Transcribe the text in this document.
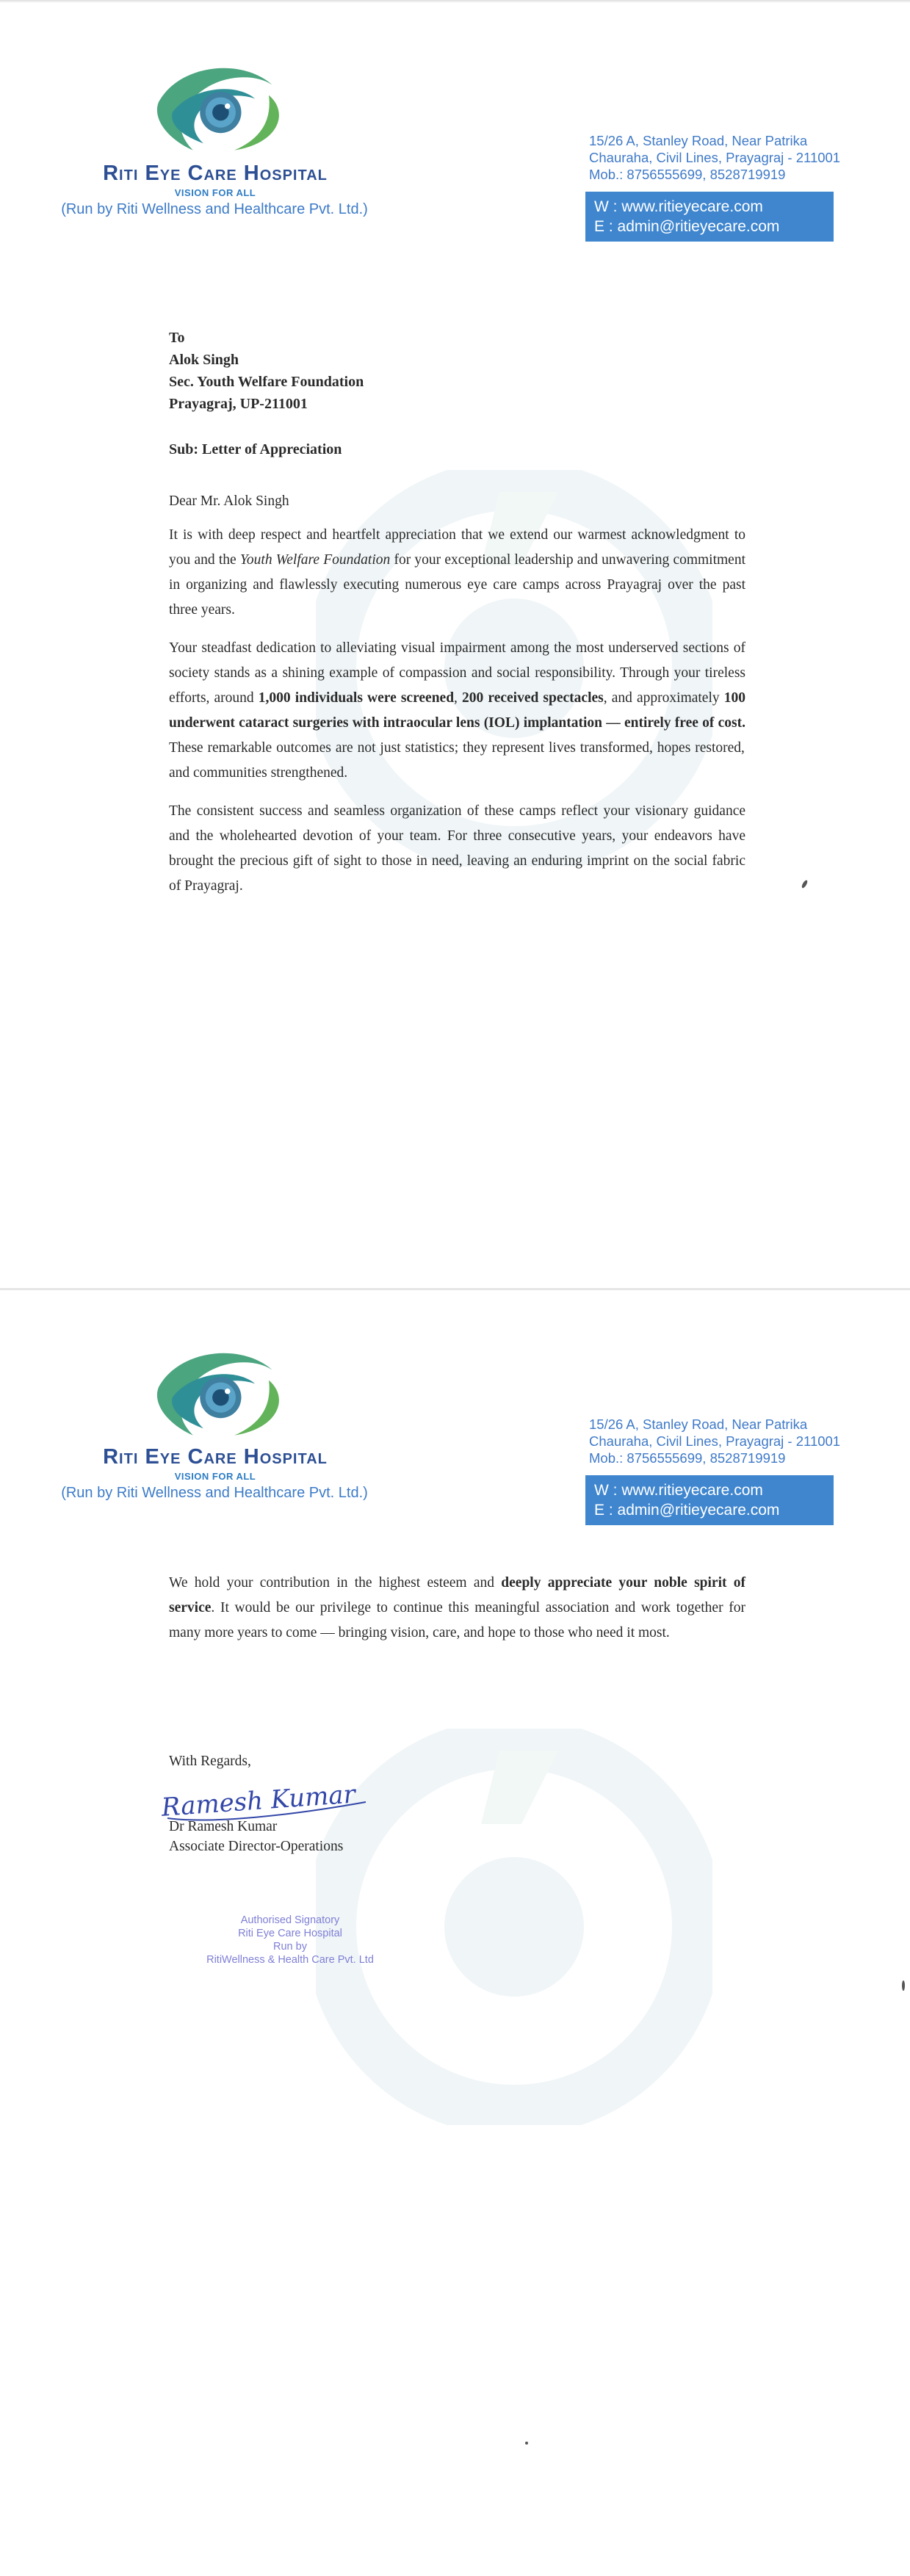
Riti Eye Care Hospital
VISION FOR ALL
(Run by Riti Wellness and Healthcare Pvt. Ltd.)
15/26 A, Stanley Road, Near Patrika
Chauraha, Civil Lines, Prayagraj - 211001
Mob.: 8756555699, 8528719919
W : www.ritieyecare.com
E : admin@ritieyecare.com
To
Alok Singh
Sec. Youth Welfare Foundation
Prayagraj, UP-211001
Sub: Letter of Appreciation
Dear Mr. Alok Singh

It is with deep respect and heartfelt appreciation that we extend our warmest acknowledgment to you and the Youth Welfare Foundation for your exceptional leadership and unwavering commitment in organizing and flawlessly executing numerous eye care camps across Prayagraj over the past three years.

Your steadfast dedication to alleviating visual impairment among the most underserved sections of society stands as a shining example of compassion and social responsibility. Through your tireless efforts, around 1,000 individuals were screened, 200 received spectacles, and approximately 100 underwent cataract surgeries with intraocular lens (IOL) implantation — entirely free of cost. These remarkable outcomes are not just statistics; they represent lives transformed, hopes restored, and communities strengthened.

The consistent success and seamless organization of these camps reflect your visionary guidance and the wholehearted devotion of your team. For three consecutive years, your endeavors have brought the precious gift of sight to those in need, leaving an enduring imprint on the social fabric of Prayagraj.

Riti Eye Care Hospital
VISION FOR ALL
(Run by Riti Wellness and Healthcare Pvt. Ltd.)
15/26 A, Stanley Road, Near Patrika
Chauraha, Civil Lines, Prayagraj - 211001
Mob.: 8756555699, 8528719919
W : www.ritieyecare.com
E : admin@ritieyecare.com

We hold your contribution in the highest esteem and deeply appreciate your noble spirit of service. It would be our privilege to continue this meaningful association and work together for many more years to come — bringing vision, care, and hope to those who need it most.

With Regards,
Ramesh Kumar
Dr Ramesh Kumar
Associate Director-Operations
Authorised Signatory
Riti Eye Care Hospital
Run by
RitiWellness & Health Care Pvt. Ltd
